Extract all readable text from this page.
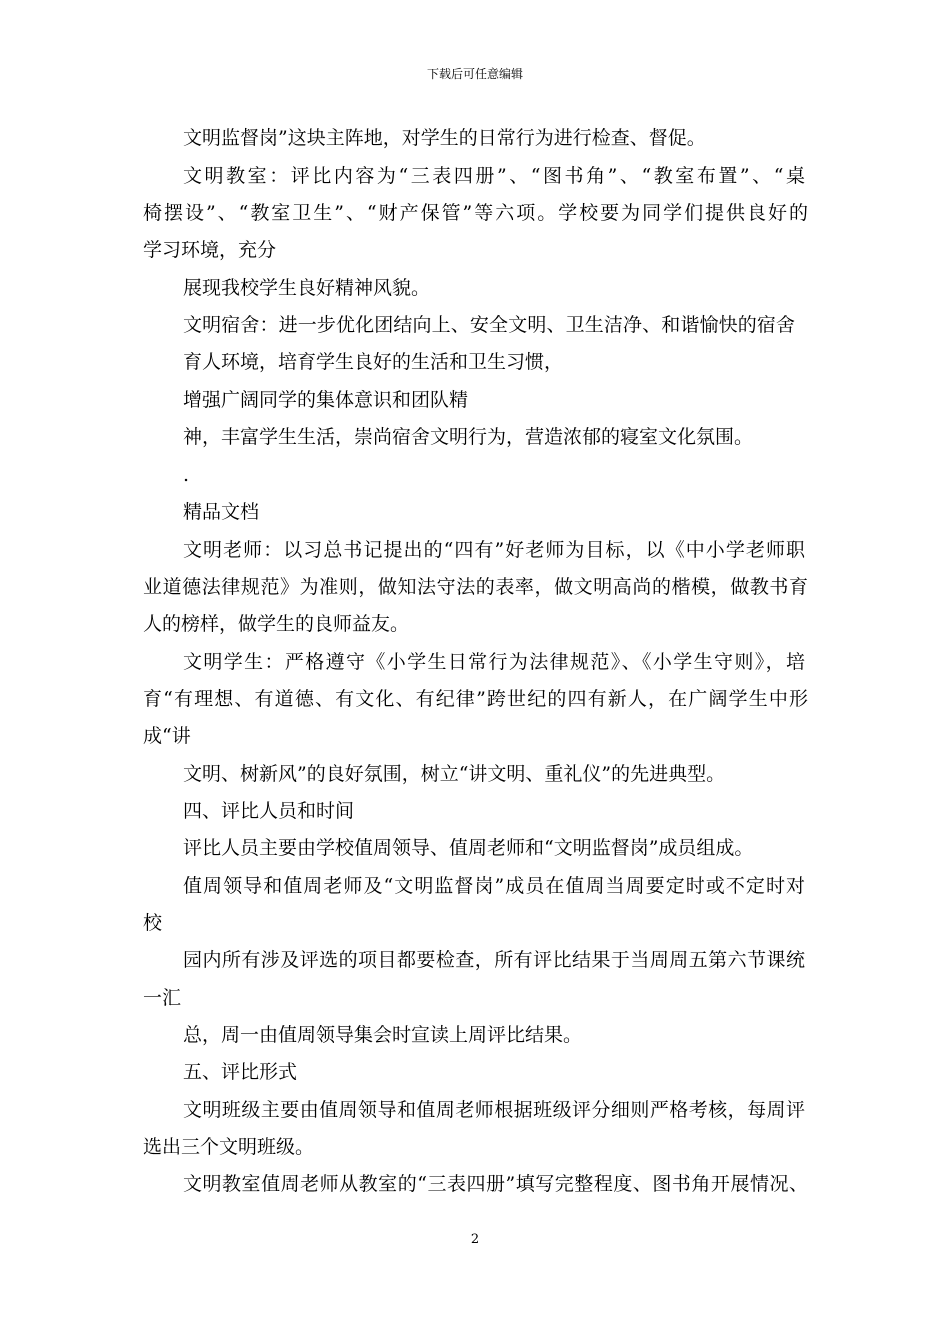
下载后可任意编辑
文明监督岗”这块主阵地，对学生的日常行为进行检查、督促。
文明教室：评比内容为“三表四册”、“图书角”、“教室布置”、“桌
椅摆设”、“教室卫生”、“财产保管”等六项。学校要为同学们提供良好的
学习环境，充分
展现我校学生良好精神风貌。
文明宿舍：进一步优化团结向上、安全文明、卫生洁净、和谐愉快的宿舍
育人环境，培育学生良好的生活和卫生习惯，
增强广阔同学的集体意识和团队精
神，丰富学生生活，崇尚宿舍文明行为，营造浓郁的寝室文化氛围。
.
精品文档
文明老师：以习总书记提出的“四有”好老师为目标，以《中小学老师职
业道德法律规范》为准则，做知法守法的表率，做文明高尚的楷模，做教书育
人的榜样，做学生的良师益友。
文明学生：严格遵守《小学生日常行为法律规范》、《小学生守则》，培
育“有理想、有道德、有文化、有纪律”跨世纪的四有新人，在广阔学生中形
成“讲
文明、树新风”的良好氛围，树立“讲文明、重礼仪”的先进典型。
四、评比人员和时间
评比人员主要由学校值周领导、值周老师和“文明监督岗”成员组成。
值周领导和值周老师及“文明监督岗”成员在值周当周要定时或不定时对
校
园内所有涉及评选的项目都要检查，所有评比结果于当周周五第六节课统
一汇
总，周一由值周领导集会时宣读上周评比结果。
五、评比形式
文明班级主要由值周领导和值周老师根据班级评分细则严格考核，每周评
选出三个文明班级。
文明教室值周老师从教室的“三表四册”填写完整程度、图书角开展情况、
2
